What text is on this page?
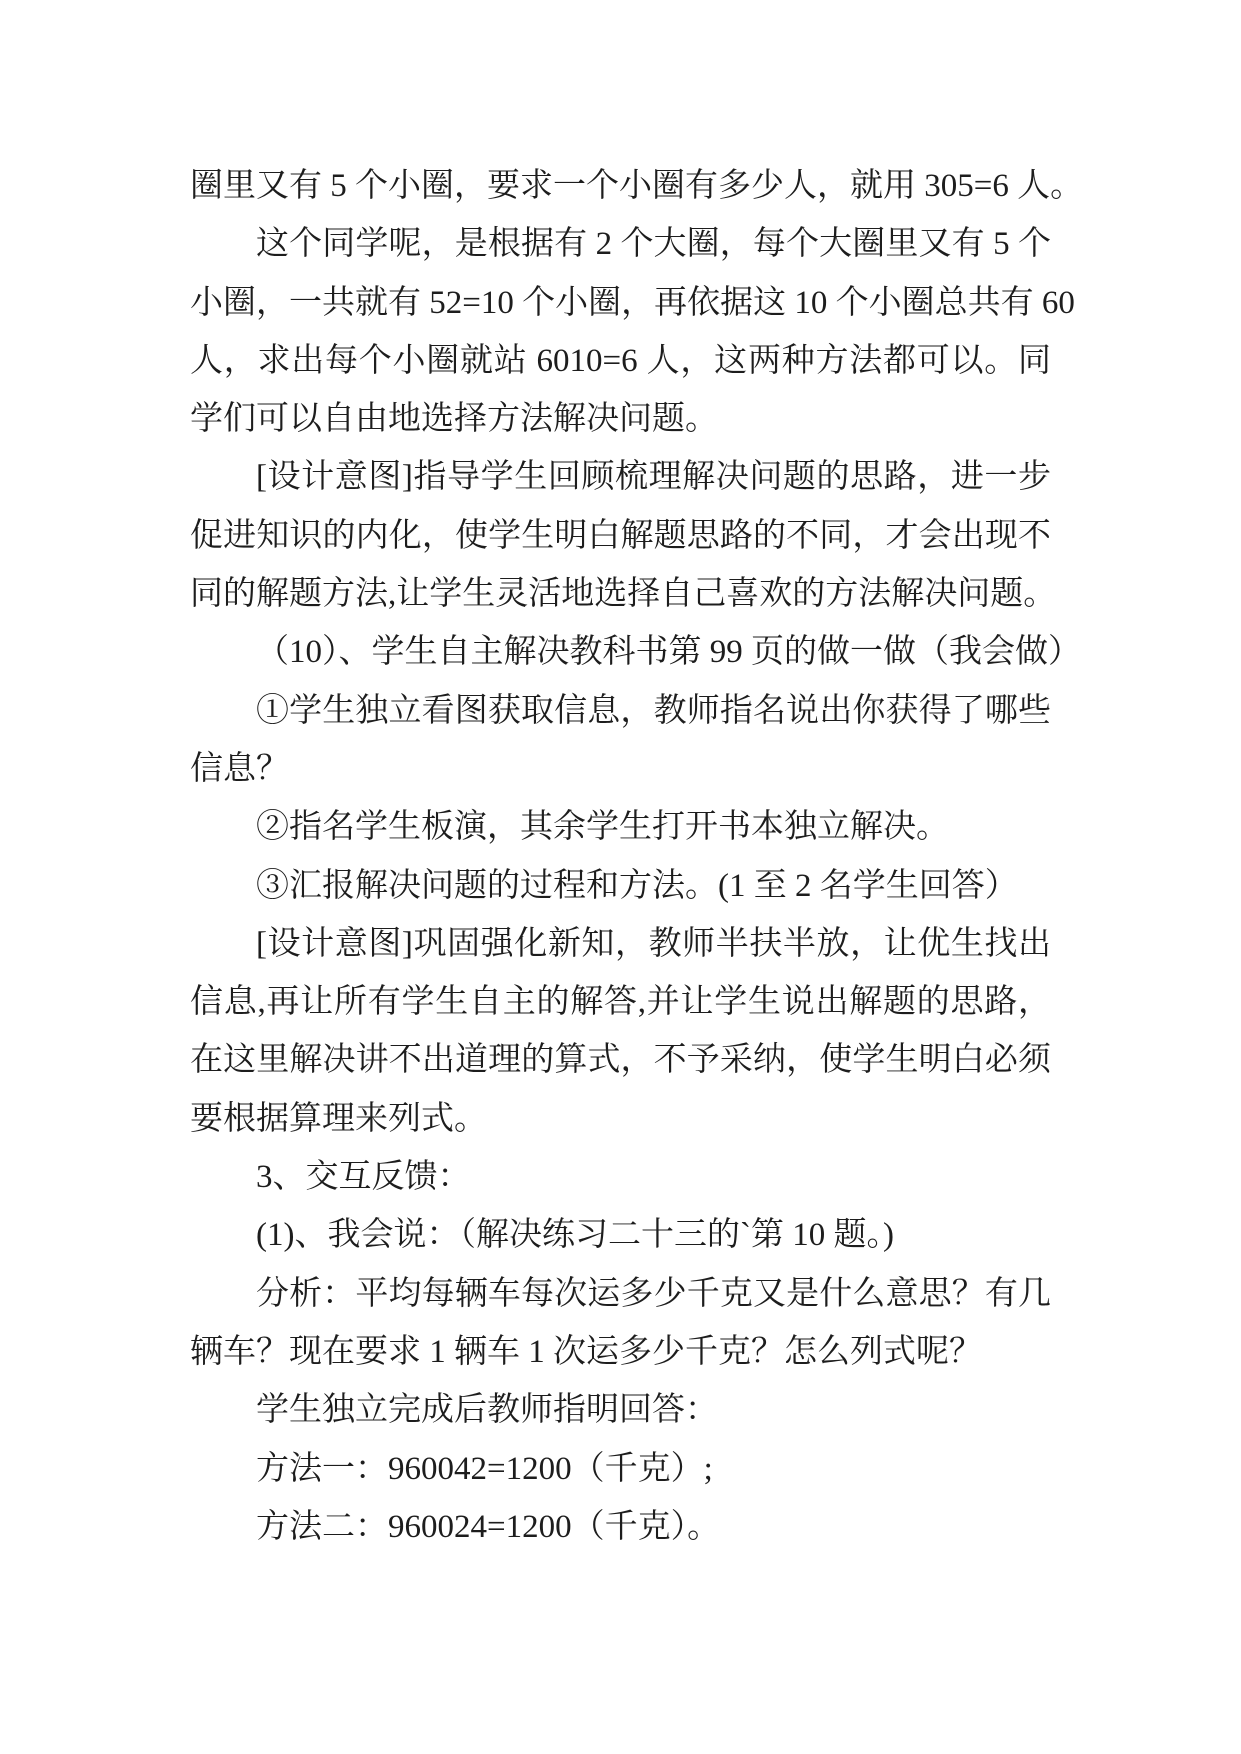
圈里又有 5 个小圈，要求一个小圈有多少人，就用 305=6 人。
这个同学呢，是根据有 2 个大圈，每个大圈里又有 5 个
小圈，一共就有 52=10 个小圈，再依据这 10 个小圈总共有 60
人，求出每个小圈就站 6010=6 人，这两种方法都可以。同
学们可以自由地选择方法解决问题。
[设计意图]指导学生回顾梳理解决问题的思路，进一步
促进知识的内化，使学生明白解题思路的不同，才会出现不
同的解题方法,让学生灵活地选择自己喜欢的方法解决问题。
（10）、学生自主解决教科书第 99 页的做一做（我会做）
①学生独立看图获取信息，教师指名说出你获得了哪些
信息？
②指名学生板演，其余学生打开书本独立解决。
③汇报解决问题的过程和方法。(1 至 2 名学生回答）
[设计意图]巩固强化新知，教师半扶半放，让优生找出
信息,再让所有学生自主的解答,并让学生说出解题的思路，
在这里解决讲不出道理的算式，不予采纳，使学生明白必须
要根据算理来列式。
3、交互反馈：
(1)、我会说：（解决练习二十三的`第 10 题。)
分析：平均每辆车每次运多少千克又是什么意思？有几
辆车？现在要求 1 辆车 1 次运多少千克？怎么列式呢？
学生独立完成后教师指明回答：
方法一：960042=1200（千克）;
方法二：960024=1200（千克）。
